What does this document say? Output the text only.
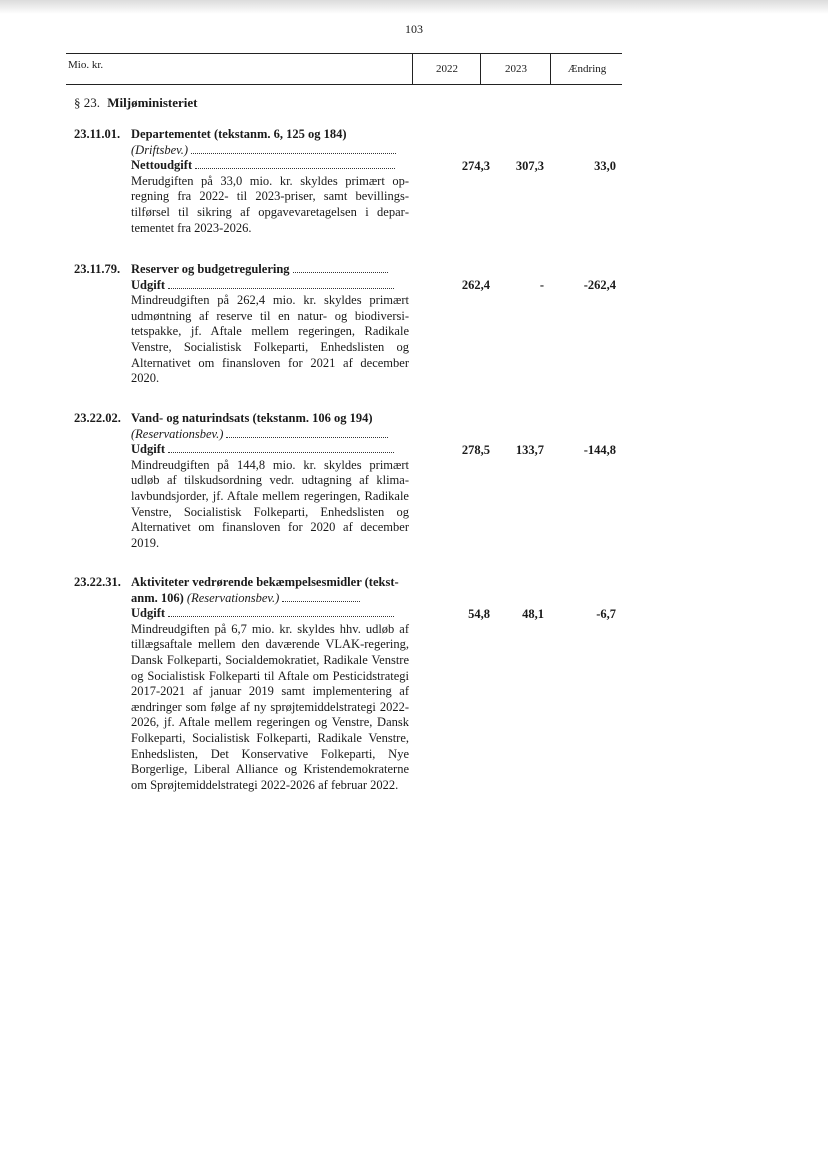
103
Mio. kr.	2022	2023	Ændring
§ 23. Miljøministeriet
23.11.01. Departementet (tekstanm. 6, 125 og 184)
(Driftsbev.)
Nettoudgift
Merudgiften på 33,0 mio. kr. skyldes primært opregning fra 2022- til 2023-priser, samt bevillingstilførsel til sikring af opgavevaretagelsen i departementet fra 2023-2026.
274,3	307,3	33,0
23.11.79. Reserver og budgetregulering
Udgift
Mindreudgiften på 262,4 mio. kr. skyldes primært udmøntning af reserve til en natur- og biodiversitetspakke, jf. Aftale mellem regeringen, Radikale Venstre, Socialistisk Folkeparti, Enhedslisten og Alternativet om finansloven for 2021 af december 2020.
262,4	-	-262,4
23.22.02. Vand- og naturindsats (tekstanm. 106 og 194)
(Reservationsbev.)
Udgift
Mindreudgiften på 144,8 mio. kr. skyldes primært udløb af tilskudsordning vedr. udtagning af klima-lavbundsjorder, jf. Aftale mellem regeringen, Radikale Venstre, Socialistisk Folkeparti, Enhedslisten og Alternativet om finansloven for 2020 af december 2019.
278,5	133,7	-144,8
23.22.31. Aktiviteter vedrørende bekæmpelsesmidler (tekstanm. 106) (Reservationsbev.)
Udgift
Mindreudgiften på 6,7 mio. kr. skyldes hhv. udløb af tillægsaftale mellem den daværende VLAK-regering, Dansk Folkeparti, Socialdemokratiet, Radikale Venstre og Socialistisk Folkeparti til Aftale om Pesticidstrategi 2017-2021 af januar 2019 samt implementering af ændringer som følge af ny sprøjtemiddelstrategi 2022-2026, jf. Aftale mellem regeringen og Venstre, Dansk Folkeparti, Socialistisk Folkeparti, Radikale Venstre, Enhedslisten, Det Konservative Folkeparti, Nye Borgerlige, Liberal Alliance og Kristendemokraterne om Sprøjtemiddelstrategi 2022-2026 af februar 2022.
54,8	48,1	-6,7
